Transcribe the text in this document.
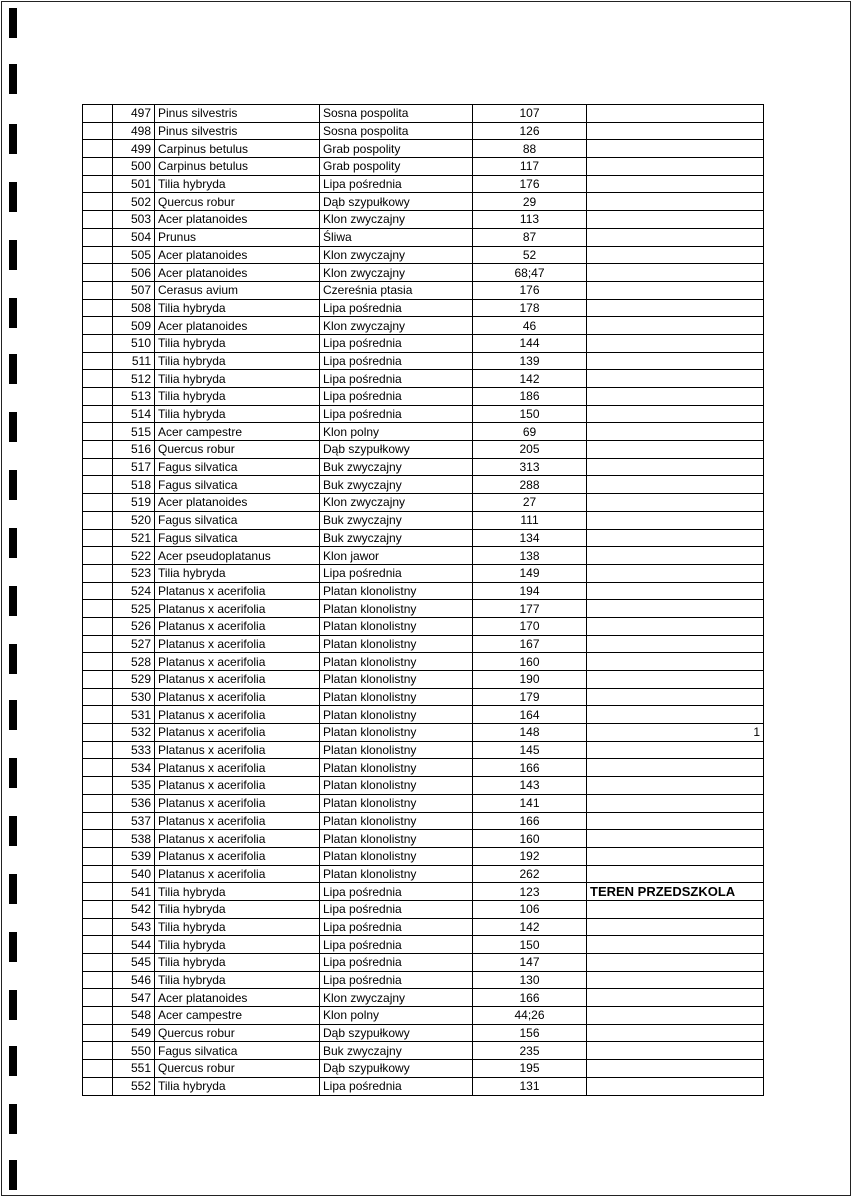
	497	Pinus silvestris	Sosna pospolita	107	
	498	Pinus silvestris	Sosna pospolita	126	
	499	Carpinus betulus	Grab pospolity	88	
	500	Carpinus betulus	Grab pospolity	117	
	501	Tilia hybryda	Lipa pośrednia	176	
	502	Quercus robur	Dąb szypułkowy	29	
	503	Acer platanoides	Klon zwyczajny	113	
	504	Prunus	Śliwa	87	
	505	Acer platanoides	Klon zwyczajny	52	
	506	Acer platanoides	Klon zwyczajny	68;47	
	507	Cerasus avium	Czereśnia ptasia	176	
	508	Tilia hybryda	Lipa pośrednia	178	
	509	Acer platanoides	Klon zwyczajny	46	
	510	Tilia hybryda	Lipa pośrednia	144	
	511	Tilia hybryda	Lipa pośrednia	139	
	512	Tilia hybryda	Lipa pośrednia	142	
	513	Tilia hybryda	Lipa pośrednia	186	
	514	Tilia hybryda	Lipa pośrednia	150	
	515	Acer campestre	Klon polny	69	
	516	Quercus robur	Dąb szypułkowy	205	
	517	Fagus silvatica	Buk zwyczajny	313	
	518	Fagus silvatica	Buk zwyczajny	288	
	519	Acer platanoides	Klon zwyczajny	27	
	520	Fagus silvatica	Buk zwyczajny	111	
	521	Fagus silvatica	Buk zwyczajny	134	
	522	Acer pseudoplatanus	Klon jawor	138	
	523	Tilia hybryda	Lipa pośrednia	149	
	524	Platanus x acerifolia	Platan klonolistny	194	
	525	Platanus x acerifolia	Platan klonolistny	177	
	526	Platanus x acerifolia	Platan klonolistny	170	
	527	Platanus x acerifolia	Platan klonolistny	167	
	528	Platanus x acerifolia	Platan klonolistny	160	
	529	Platanus x acerifolia	Platan klonolistny	190	
	530	Platanus x acerifolia	Platan klonolistny	179	
	531	Platanus x acerifolia	Platan klonolistny	164	
	532	Platanus x acerifolia	Platan klonolistny	148	1
	533	Platanus x acerifolia	Platan klonolistny	145	
	534	Platanus x acerifolia	Platan klonolistny	166	
	535	Platanus x acerifolia	Platan klonolistny	143	
	536	Platanus x acerifolia	Platan klonolistny	141	
	537	Platanus x acerifolia	Platan klonolistny	166	
	538	Platanus x acerifolia	Platan klonolistny	160	
	539	Platanus x acerifolia	Platan klonolistny	192	
	540	Platanus x acerifolia	Platan klonolistny	262	
	541	Tilia hybryda	Lipa pośrednia	123	TEREN PRZEDSZKOLA
	542	Tilia hybryda	Lipa pośrednia	106	
	543	Tilia hybryda	Lipa pośrednia	142	
	544	Tilia hybryda	Lipa pośrednia	150	
	545	Tilia hybryda	Lipa pośrednia	147	
	546	Tilia hybryda	Lipa pośrednia	130	
	547	Acer platanoides	Klon zwyczajny	166	
	548	Acer campestre	Klon polny	44;26	
	549	Quercus robur	Dąb szypułkowy	156	
	550	Fagus silvatica	Buk zwyczajny	235	
	551	Quercus robur	Dąb szypułkowy	195	
	552	Tilia hybryda	Lipa pośrednia	131	
